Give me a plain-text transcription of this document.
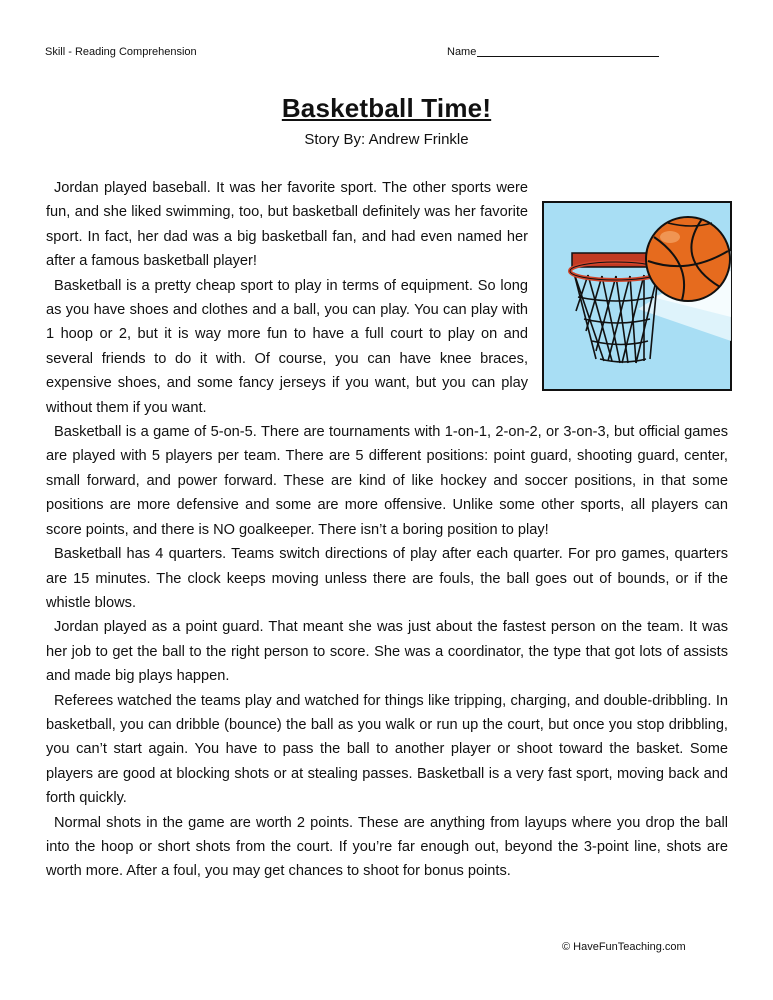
Skill - Reading Comprehension	Name
Basketball Time!
Story By: Andrew Frinkle

Jordan played baseball. It was her favorite sport. The other sports were fun, and she liked swimming, too, but basketball definitely was her favorite sport. In fact, her dad was a big basketball fan, and had even named her after a famous basketball player!

Basketball is a pretty cheap sport to play in terms of equipment. So long as you have shoes and clothes and a ball, you can play. You can play with 1 hoop or 2, but it is way more fun to have a full court to play on and several friends to do it with. Of course, you can have knee braces, expensive shoes, and some fancy jerseys if you want, but you can play without them if you want.

Basketball is a game of 5-on-5. There are tournaments with 1-on-1, 2-on-2, or 3-on-3, but official games are played with 5 players per team. There are 5 different positions: point guard, shooting guard, center, small forward, and power forward. These are kind of like hockey and soccer positions, in that some positions are more defensive and some are more offensive. Unlike some other sports, all players can score points, and there is NO goalkeeper. There isn’t a boring position to play!

Basketball has 4 quarters. Teams switch directions of play after each quarter. For pro games, quarters are 15 minutes. The clock keeps moving unless there are fouls, the ball goes out of bounds, or if the whistle blows.

Jordan played as a point guard. That meant she was just about the fastest person on the team. It was her job to get the ball to the right person to score. She was a coordinator, the type that got lots of assists and made big plays happen.

Referees watched the teams play and watched for things like tripping, charging, and double-dribbling. In basketball, you can dribble (bounce) the ball as you walk or run up the court, but once you stop dribbling, you can’t start again. You have to pass the ball to another player or shoot toward the basket. Some players are good at blocking shots or at stealing passes. Basketball is a very fast sport, moving back and forth quickly.

Normal shots in the game are worth 2 points. These are anything from layups where you drop the ball into the hoop or short shots from the court. If you’re far enough out, beyond the 3-point line, shots are worth more. After a foul, you may get chances to shoot for bonus points.

© HaveFunTeaching.com
